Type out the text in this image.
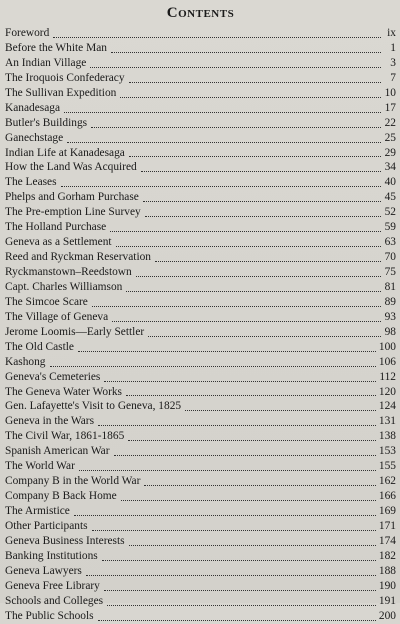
Contents
Foreword	ix
Before the White Man	1
An Indian Village	3
The Iroquois Confederacy	7
The Sullivan Expedition	10
Kanadesaga	17
Butler's Buildings	22
Ganechstage	25
Indian Life at Kanadesaga	29
How the Land Was Acquired	34
The Leases	40
Phelps and Gorham Purchase	45
The Pre-emption Line Survey	52
The Holland Purchase	59
Geneva as a Settlement	63
Reed and Ryckman Reservation	70
Ryckmanstown–Reedstown	75
Capt. Charles Williamson	81
The Simcoe Scare	89
The Village of Geneva	93
Jerome Loomis—Early Settler	98
The Old Castle	100
Kashong	106
Geneva's Cemeteries	112
The Geneva Water Works	120
Gen. Lafayette's Visit to Geneva, 1825	124
Geneva in the Wars	131
The Civil War, 1861-1865	138
Spanish American War	153
The World War	155
Company B in the World War	162
Company B Back Home	166
The Armistice	169
Other Participants	171
Geneva Business Interests	174
Banking Institutions	182
Geneva Lawyers	188
Geneva Free Library	190
Schools and Colleges	191
The Public Schools	200
